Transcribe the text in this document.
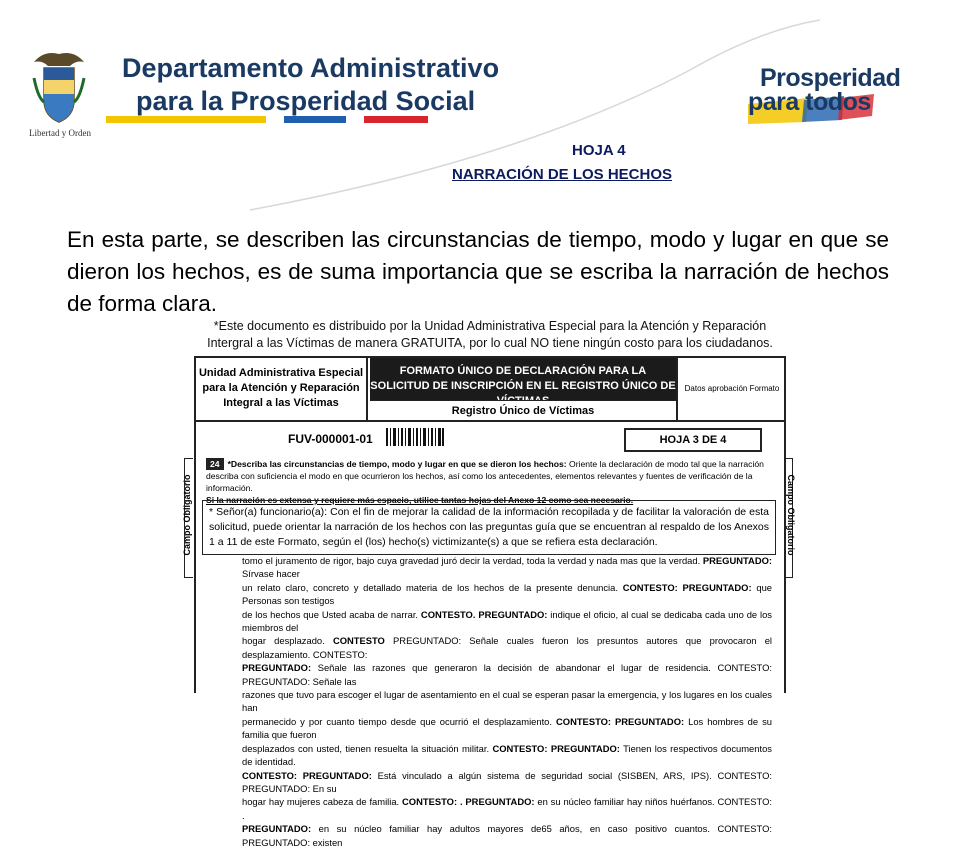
Libertad y Orden
Departamento Administrativo
para la Prosperidad Social
Prosperidad
para todos
HOJA 4
NARRACIÓN DE LOS HECHOS
En esta parte, se describen las circunstancias de tiempo, modo y lugar en que se dieron los hechos, es de suma importancia que se escriba la narración de hechos de forma clara.
*Este documento es distribuido por la Unidad Administrativa Especial para la Atención y Reparación Intergral a las Víctimas de manera GRATUITA, por lo cual NO tiene ningún costo para los ciudadanos.
Campo Obligatorio	Campo Obligatorio
Unidad Administrativa Especial para la Atención y Reparación Integral a las Víctimas
FORMATO ÚNICO DE DECLARACIÓN PARA LA SOLICITUD DE INSCRIPCIÓN EN EL REGISTRO ÚNICO DE VÍCTIMAS
Registro Único de Víctimas
Datos aprobación Formato
FUV-000001-01	HOJA 3 DE 4
24 *Describa las circunstancias de tiempo, modo y lugar en que se dieron los hechos: Oriente la declaración de modo tal que la narración describa con suficiencia el modo en que ocurrieron los hechos, así como los antecedentes, elementos relevantes y fuentes de verificación de la información.
Si la narración es extensa y requiere más espacio, utilice tantas hojas del Anexo 12 como sea necesario.
* Señor(a) funcionario(a): Con el fin de mejorar la calidad de la información recopilada y de facilitar la valoración de esta solicitud, puede orientar la narración de los hechos con las preguntas guía que se encuentran al respaldo de los Anexos 1 a 11 de este Formato, según el (los) hecho(s) victimizante(s) a que se refiera esta declaración.
tomo el juramento de rigor, bajo cuya gravedad juró decir la verdad, toda la verdad y nada mas que la verdad. PREGUNTADO: Sírvase hacer
un relato claro, concreto y detallado materia de los hechos de la presente denuncia. CONTESTO: PREGUNTADO: que Personas son testigos
de los hechos que Usted acaba de narrar. CONTESTO. PREGUNTADO: indique el oficio, al cual se dedicaba cada uno de los miembros del
hogar desplazado. CONTESTO PREGUNTADO: Señale cuales fueron los presuntos autores que provocaron el desplazamiento. CONTESTO:
PREGUNTADO: Señale las razones que generaron la decisión de abandonar el lugar de residencia. CONTESTO: PREGUNTADO: Señale las
razones que tuvo para escoger el lugar de asentamiento en el cual se esperan pasar la emergencia, y los lugares en los cuales han
permanecido y por cuanto tiempo desde que ocurrió el desplazamiento. CONTESTO: PREGUNTADO: Los hombres de su familia que fueron
desplazados con usted, tienen resuelta la situación militar. CONTESTO: PREGUNTADO: Tienen los respectivos documentos de identidad.
CONTESTO: PREGUNTADO: Está vinculado a algún sistema de seguridad social (SISBEN, ARS, IPS). CONTESTO: PREGUNTADO: En su
hogar hay mujeres cabeza de familia. CONTESTO: . PREGUNTADO: en su núcleo familiar hay niños huérfanos. CONTESTO: .
PREGUNTADO: en su núcleo familiar hay adultos mayores de65 años, en caso positivo cuantos. CONTESTO: PREGUNTADO: existen
